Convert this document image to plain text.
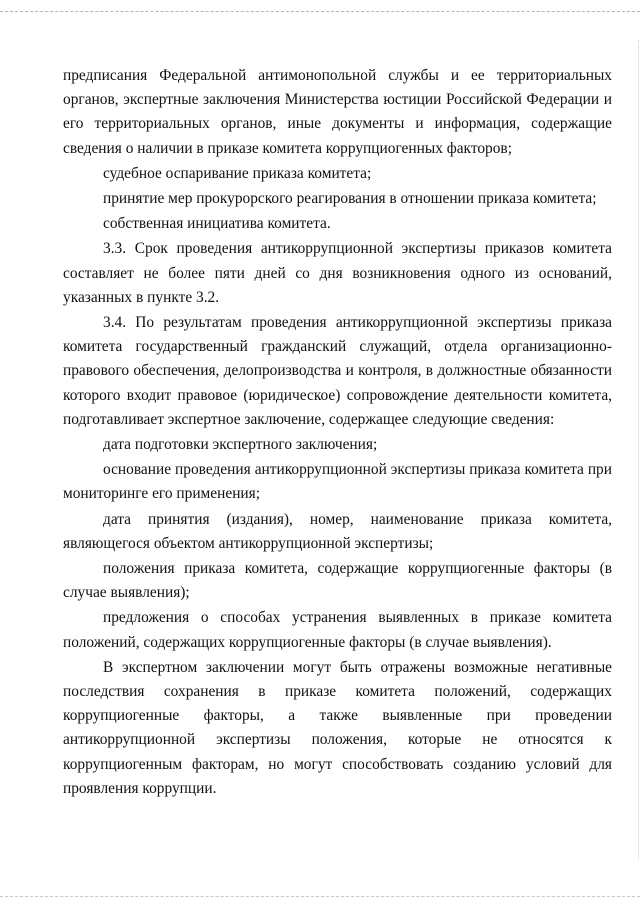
предписания Федеральной антимонопольной службы и ее территориальных органов, экспертные заключения Министерства юстиции Российской Федерации и его территориальных органов, иные документы и информация, содержащие сведения о наличии в приказе комитета коррупциогенных факторов;

судебное оспаривание приказа комитета;

принятие мер прокурорского реагирования в отношении приказа комитета;

собственная инициатива комитета.

3.3. Срок проведения антикоррупционной экспертизы приказов комитета составляет не более пяти дней со дня возникновения одного из оснований, указанных в пункте 3.2.

3.4. По результатам проведения антикоррупционной экспертизы приказа комитета государственный гражданский служащий, отдела организационно-правового обеспечения, делопроизводства и контроля, в должностные обязанности которого входит правовое (юридическое) сопровождение деятельности комитета, подготавливает экспертное заключение, содержащее следующие сведения:

дата подготовки экспертного заключения;

основание проведения антикоррупционной экспертизы приказа комитета при мониторинге его применения;

дата принятия (издания), номер, наименование приказа комитета, являющегося объектом антикоррупционной экспертизы;

положения приказа комитета, содержащие коррупциогенные факторы (в случае выявления);

предложения о способах устранения выявленных в приказе комитета положений, содержащих коррупциогенные факторы (в случае выявления).

В экспертном заключении могут быть отражены возможные негативные последствия сохранения в приказе комитета положений, содержащих коррупциогенные факторы, а также выявленные при проведении антикоррупционной экспертизы положения, которые не относятся к коррупциогенным факторам, но могут способствовать созданию условий для проявления коррупции.
